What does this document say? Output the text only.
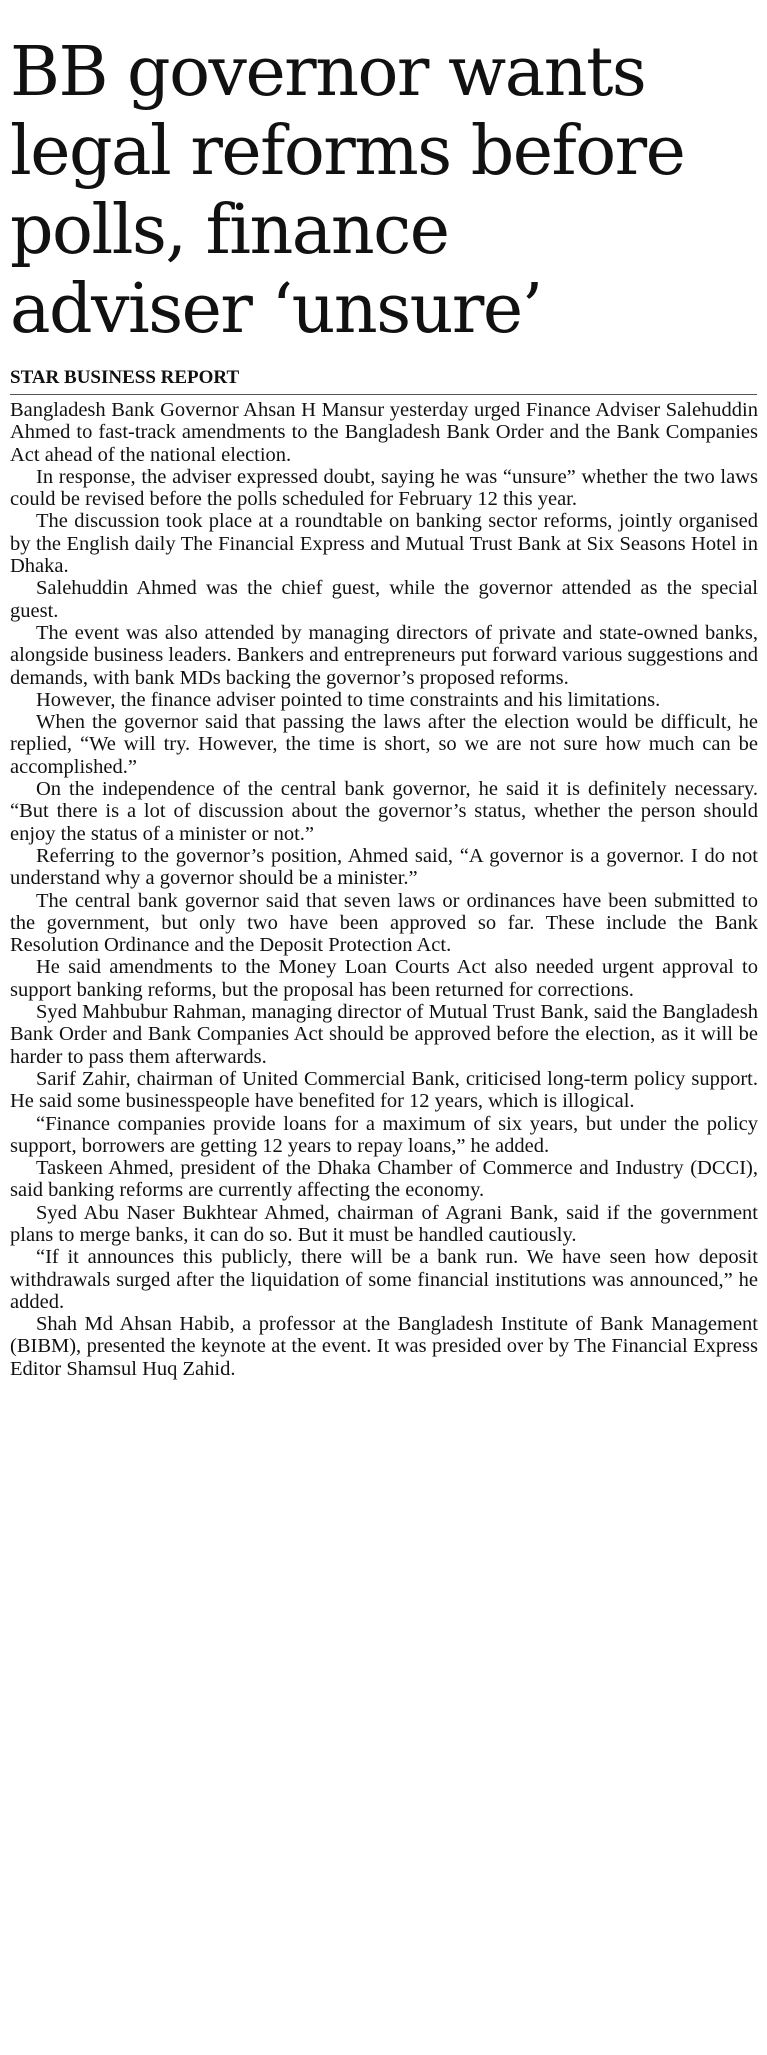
BB governor wants
legal reforms before
polls, finance
adviser ‘unsure’
STAR BUSINESS REPORT

Bangladesh Bank Governor Ahsan H Mansur yesterday urged Finance Adviser Salehuddin Ahmed to fast-track amendments to the Bangladesh Bank Order and the Bank Companies Act ahead of the national election.

In response, the adviser expressed doubt, saying he was “unsure” whether the two laws could be revised before the polls scheduled for February 12 this year.

The discussion took place at a roundtable on banking sector reforms, jointly organised by the English daily The Financial Express and Mutual Trust Bank at Six Seasons Hotel in Dhaka.

Salehuddin Ahmed was the chief guest, while the governor attended as the special guest.

The event was also attended by managing directors of private and state-owned banks, alongside business leaders. Bankers and entrepreneurs put forward various suggestions and demands, with bank MDs backing the governor’s proposed reforms.

However, the finance adviser pointed to time constraints and his limitations.

When the governor said that passing the laws after the election would be difficult, he replied, “We will try. However, the time is short, so we are not sure how much can be accomplished.”

On the independence of the central bank governor, he said it is definitely necessary. “But there is a lot of discussion about the governor’s status, whether the person should enjoy the status of a minister or not.”

Referring to the governor’s position, Ahmed said, “A governor is a governor. I do not understand why a governor should be a minister.”

The central bank governor said that seven laws or ordinances have been submitted to the government, but only two have been approved so far. These include the Bank Resolution Ordinance and the Deposit Protection Act.

He said amendments to the Money Loan Courts Act also needed urgent approval to support banking reforms, but the proposal has been returned for corrections.

Syed Mahbubur Rahman, managing director of Mutual Trust Bank, said the Bangladesh Bank Order and Bank Companies Act should be approved before the election, as it will be harder to pass them afterwards.

Sarif Zahir, chairman of United Commercial Bank, criticised long-term policy support. He said some businesspeople have benefited for 12 years, which is illogical.

“Finance companies provide loans for a maximum of six years, but under the policy support, borrowers are getting 12 years to repay loans,” he added.

Taskeen Ahmed, president of the Dhaka Chamber of Commerce and Industry (DCCI), said banking reforms are currently affecting the economy.

Syed Abu Naser Bukhtear Ahmed, chairman of Agrani Bank, said if the government plans to merge banks, it can do so. But it must be handled cautiously.

“If it announces this publicly, there will be a bank run. We have seen how deposit withdrawals surged after the liquidation of some financial institutions was announced,” he added.

Shah Md Ahsan Habib, a professor at the Bangladesh Institute of Bank Management (BIBM), presented the keynote at the event. It was presided over by The Financial Express Editor Shamsul Huq Zahid.
